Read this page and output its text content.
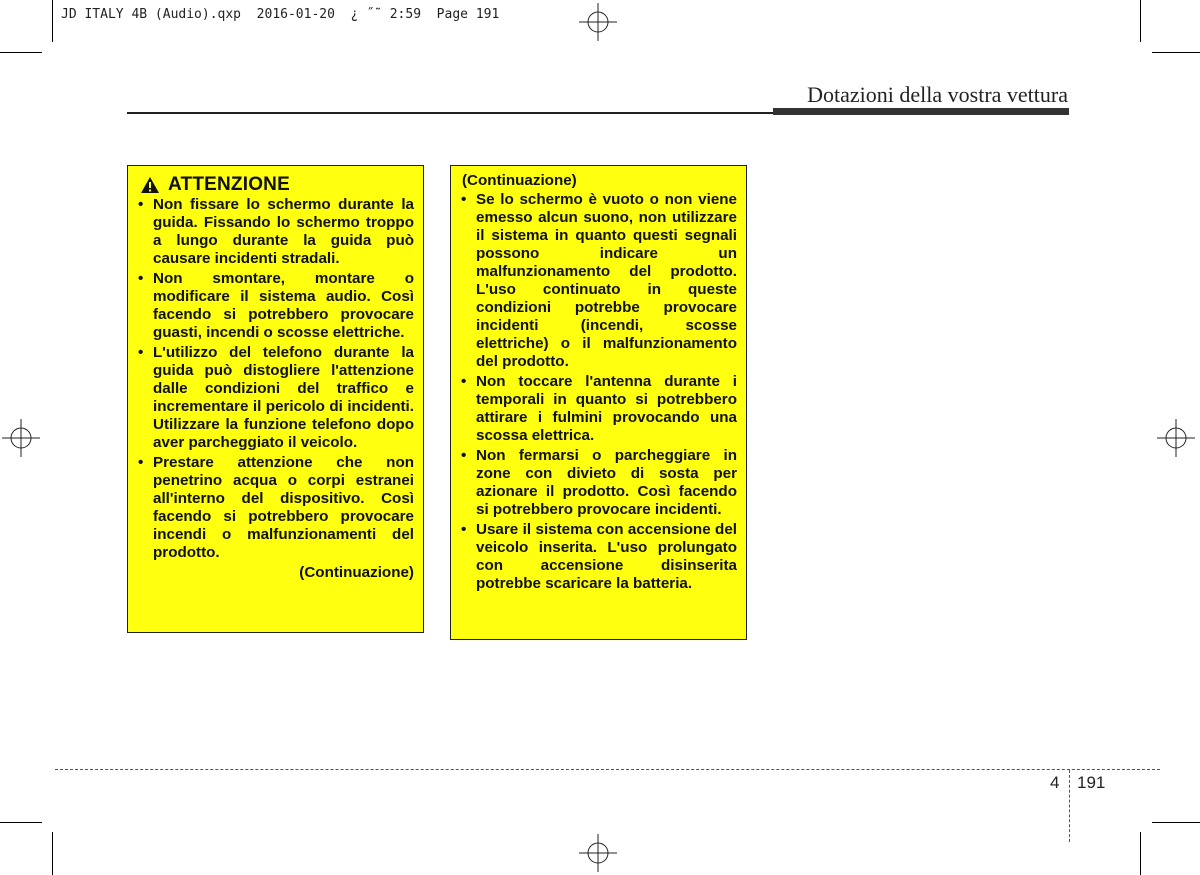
JD ITALY 4B (Audio).qxp  2016-01-20  ¿ ˝˜ 2:59  Page 191
Dotazioni della vostra vettura
ATTENZIONE
• Non fissare lo schermo durante la guida. Fissando lo schermo troppo a lungo durante la guida può causare incidenti stradali.
• Non smontare, montare o modificare il sistema audio. Così facendo si potrebbero provocare guasti, incendi o scosse elettriche.
• L'utilizzo del telefono durante la guida può distogliere l'attenzione dalle condizioni del traffico e incrementare il pericolo di incidenti. Utilizzare la funzione telefono dopo aver parcheggiato il veicolo.
• Prestare attenzione che non penetrino acqua o corpi estranei all'interno del dispositivo. Così facendo si potrebbero provocare incendi o malfunzionamenti del prodotto.
(Continuazione)
(Continuazione)
• Se lo schermo è vuoto o non viene emesso alcun suono, non utilizzare il sistema in quanto questi segnali possono indicare un malfunzionamento del prodotto. L'uso continuato in queste condizioni potrebbe provocare incidenti (incendi, scosse elettriche) o il malfunzionamento del prodotto.
• Non toccare l'antenna durante i temporali in quanto si potrebbero attirare i fulmini provocando una scossa elettrica.
• Non fermarsi o parcheggiare in zone con divieto di sosta per azionare il prodotto. Così facendo si potrebbero provocare incidenti.
• Usare il sistema con accensione del veicolo inserita. L'uso prolungato con accensione disinserita potrebbe scaricare la batteria.
4 191
